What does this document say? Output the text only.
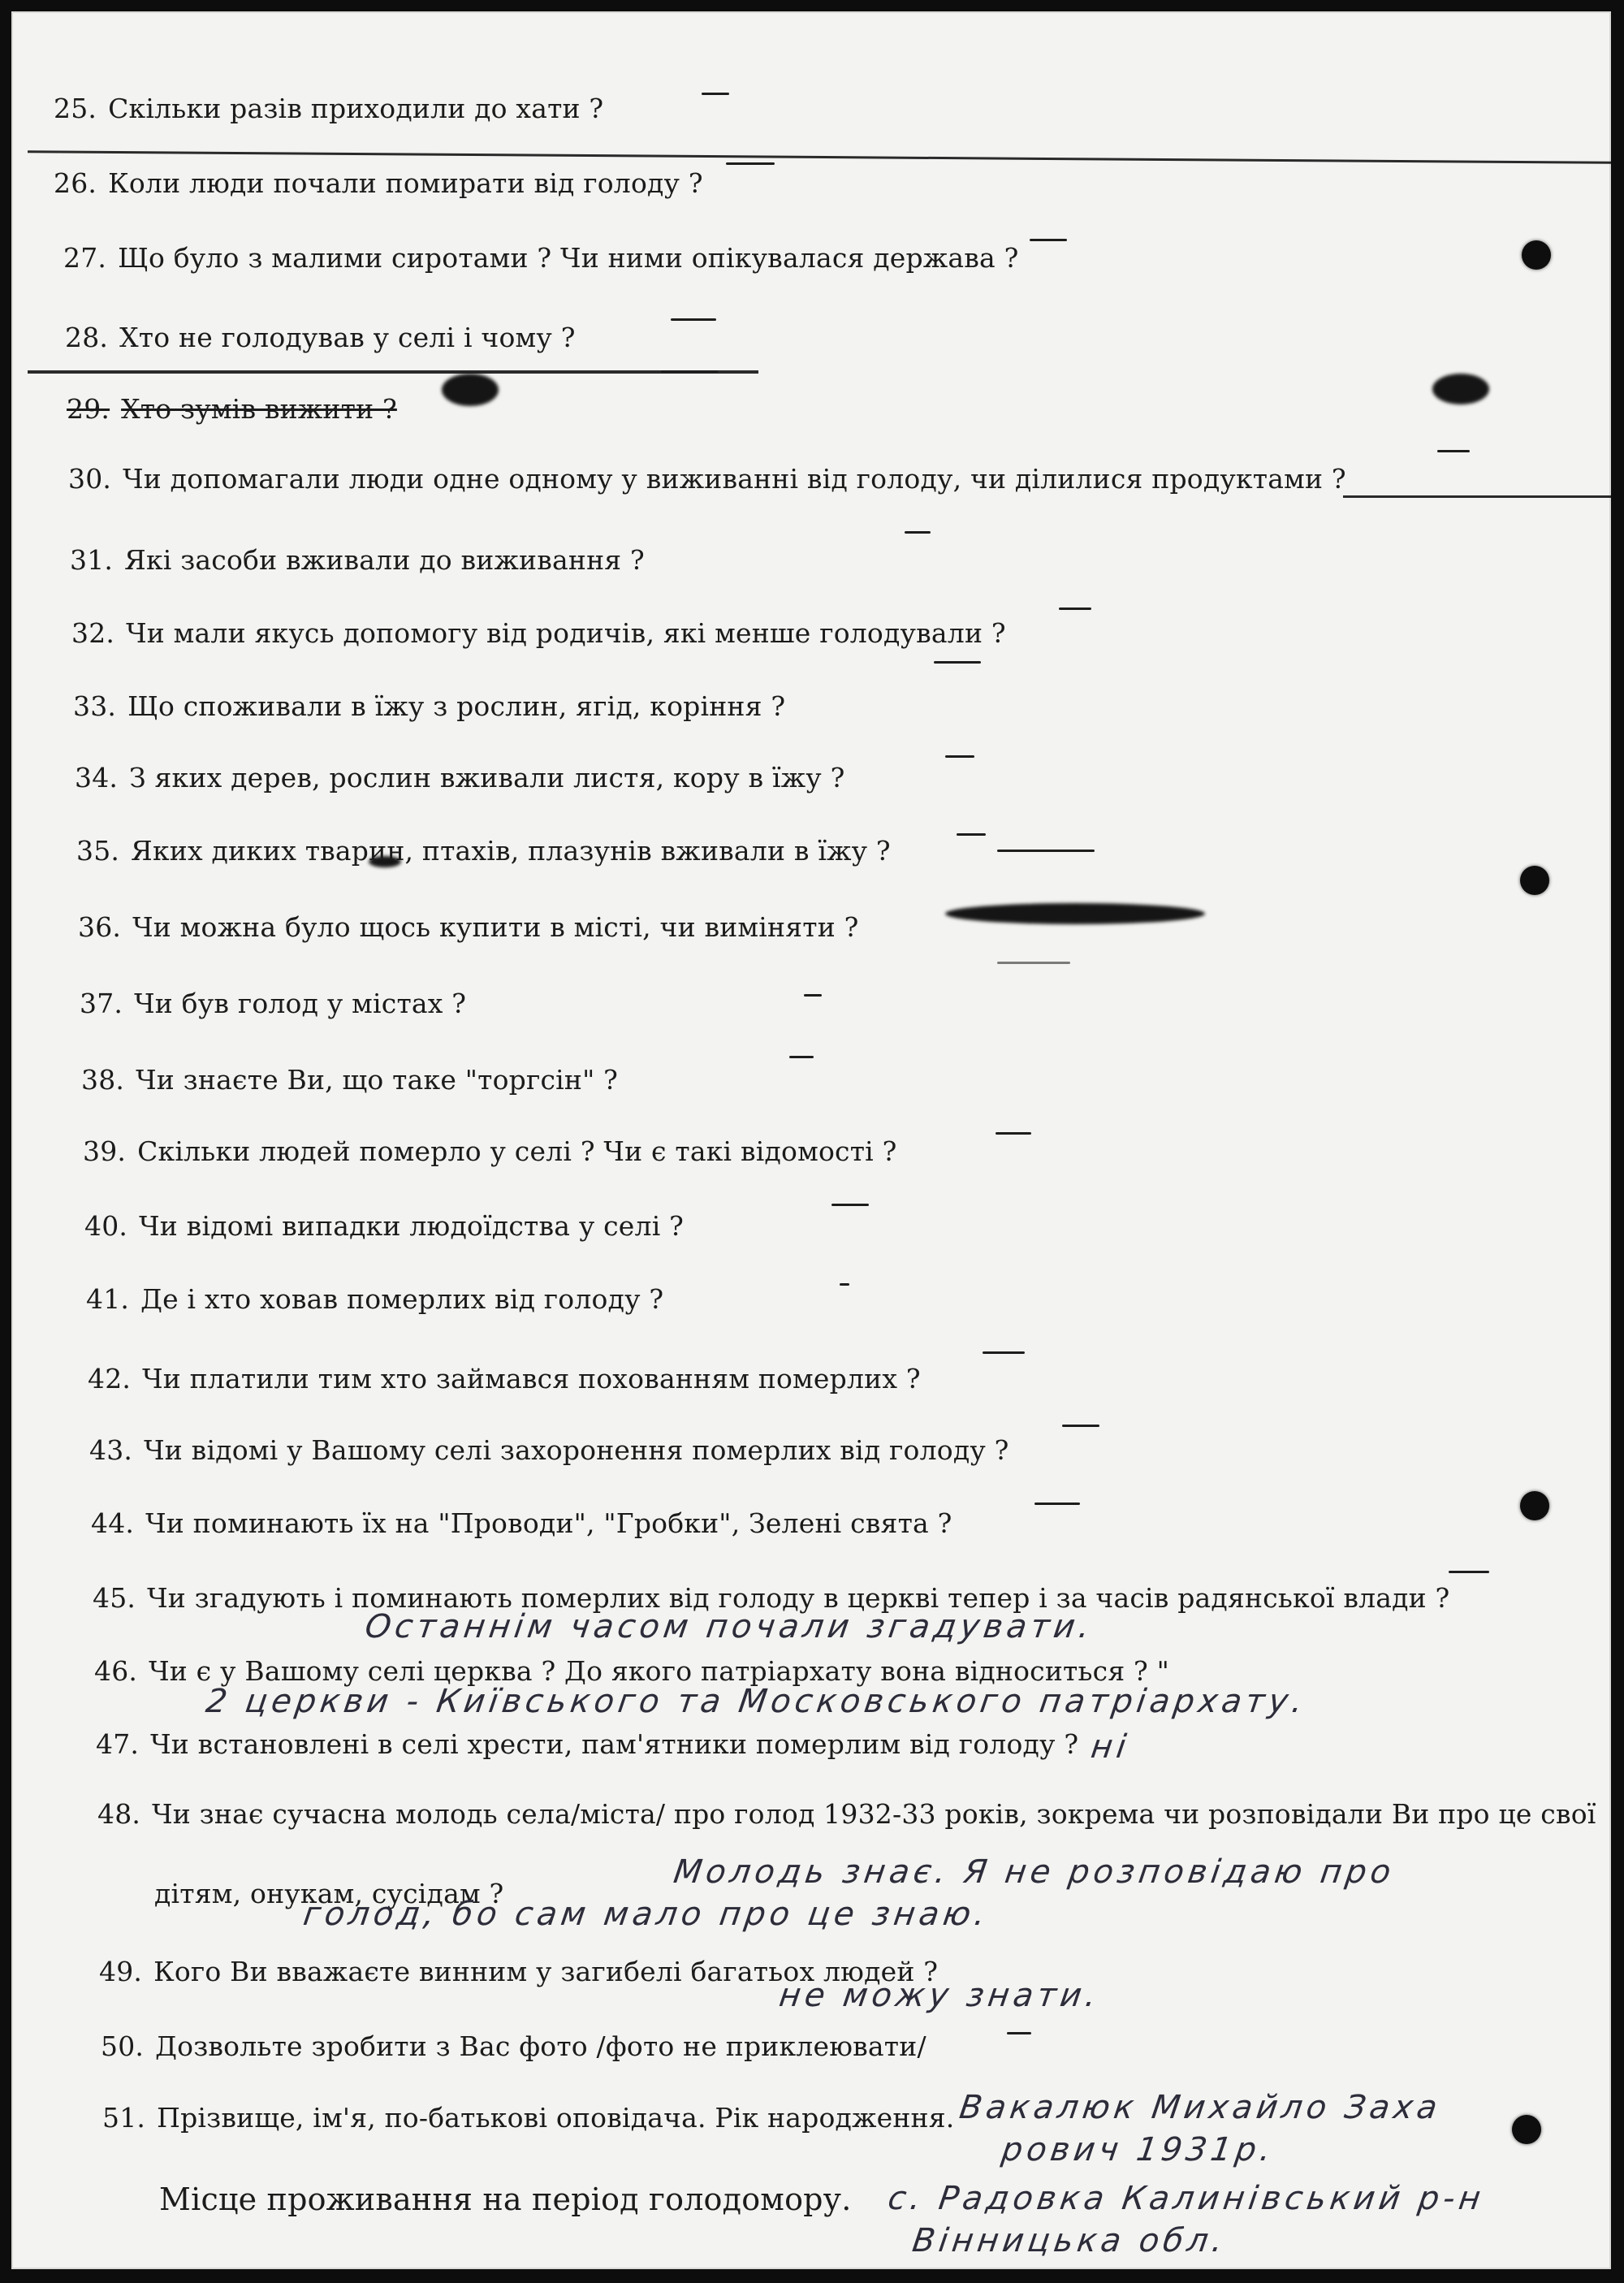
25. Скільки разів приходили до хати ?
26. Коли люди почали помирати від голоду ?
27. Що було з малими сиротами ? Чи ними опікувалася держава ?
28. Хто не голодував у селі і чому ?
29. Хто зумів вижити ?
30. Чи допомагали люди одне одному у виживанні від голоду, чи ділилися продуктами ?
31. Які засоби вживали до виживання ?
32. Чи мали якусь допомогу від родичів, які менше голодували ?
33. Що споживали в їжу з рослин, ягід, коріння ?
34. З яких дерев, рослин вживали листя, кору в їжу ?
35. Яких диких тварин, птахів, плазунів вживали в їжу ?
36. Чи можна було щось купити в місті, чи виміняти ?
37. Чи був голод у містах ?
38. Чи знаєте Ви, що таке "торгсін" ?
39. Скільки людей померло у селі ? Чи є такі відомості ?
40. Чи відомі випадки людоїдства у селі ?
41. Де і хто ховав померлих від голоду ?
42. Чи платили тим хто займався похованням померлих ?
43. Чи відомі у Вашому селі захоронення померлих від голоду ?
44. Чи поминають їх на "Проводи", "Гробки", Зелені свята ?
45. Чи згадують і поминають померлих від голоду в церкві тепер і за часів радянської влади ?
46. Чи є у Вашому селі церква ? До якого патріархату вона відноситься ? "
47. Чи встановлені в селі хрести, пам'ятники померлим від голоду ?
48. Чи знає сучасна молодь села/міста/ про голод 1932-33 років, зокрема чи розповідали Ви про це свої
дітям, онукам, сусідам ?
49. Кого Ви вважаєте винним у загибелі багатьох людей ?
50. Дозвольте зробити з Вас фото /фото не приклеювати/
51. Прізвище, ім'я, по-батькові оповідача. Рік народження.
Місце проживання на період голодомору.
Останнім часом почали згадувати.
2 церкви - Київського та Московського патріархату.
ні
Молодь знає. Я не розповідаю про
голод, бо сам мало про це знаю.
не можу знати.
Вакалюк Михайло Заха
рович 1931р.
с. Радовка Калинівський р-н
Вінницька обл.
